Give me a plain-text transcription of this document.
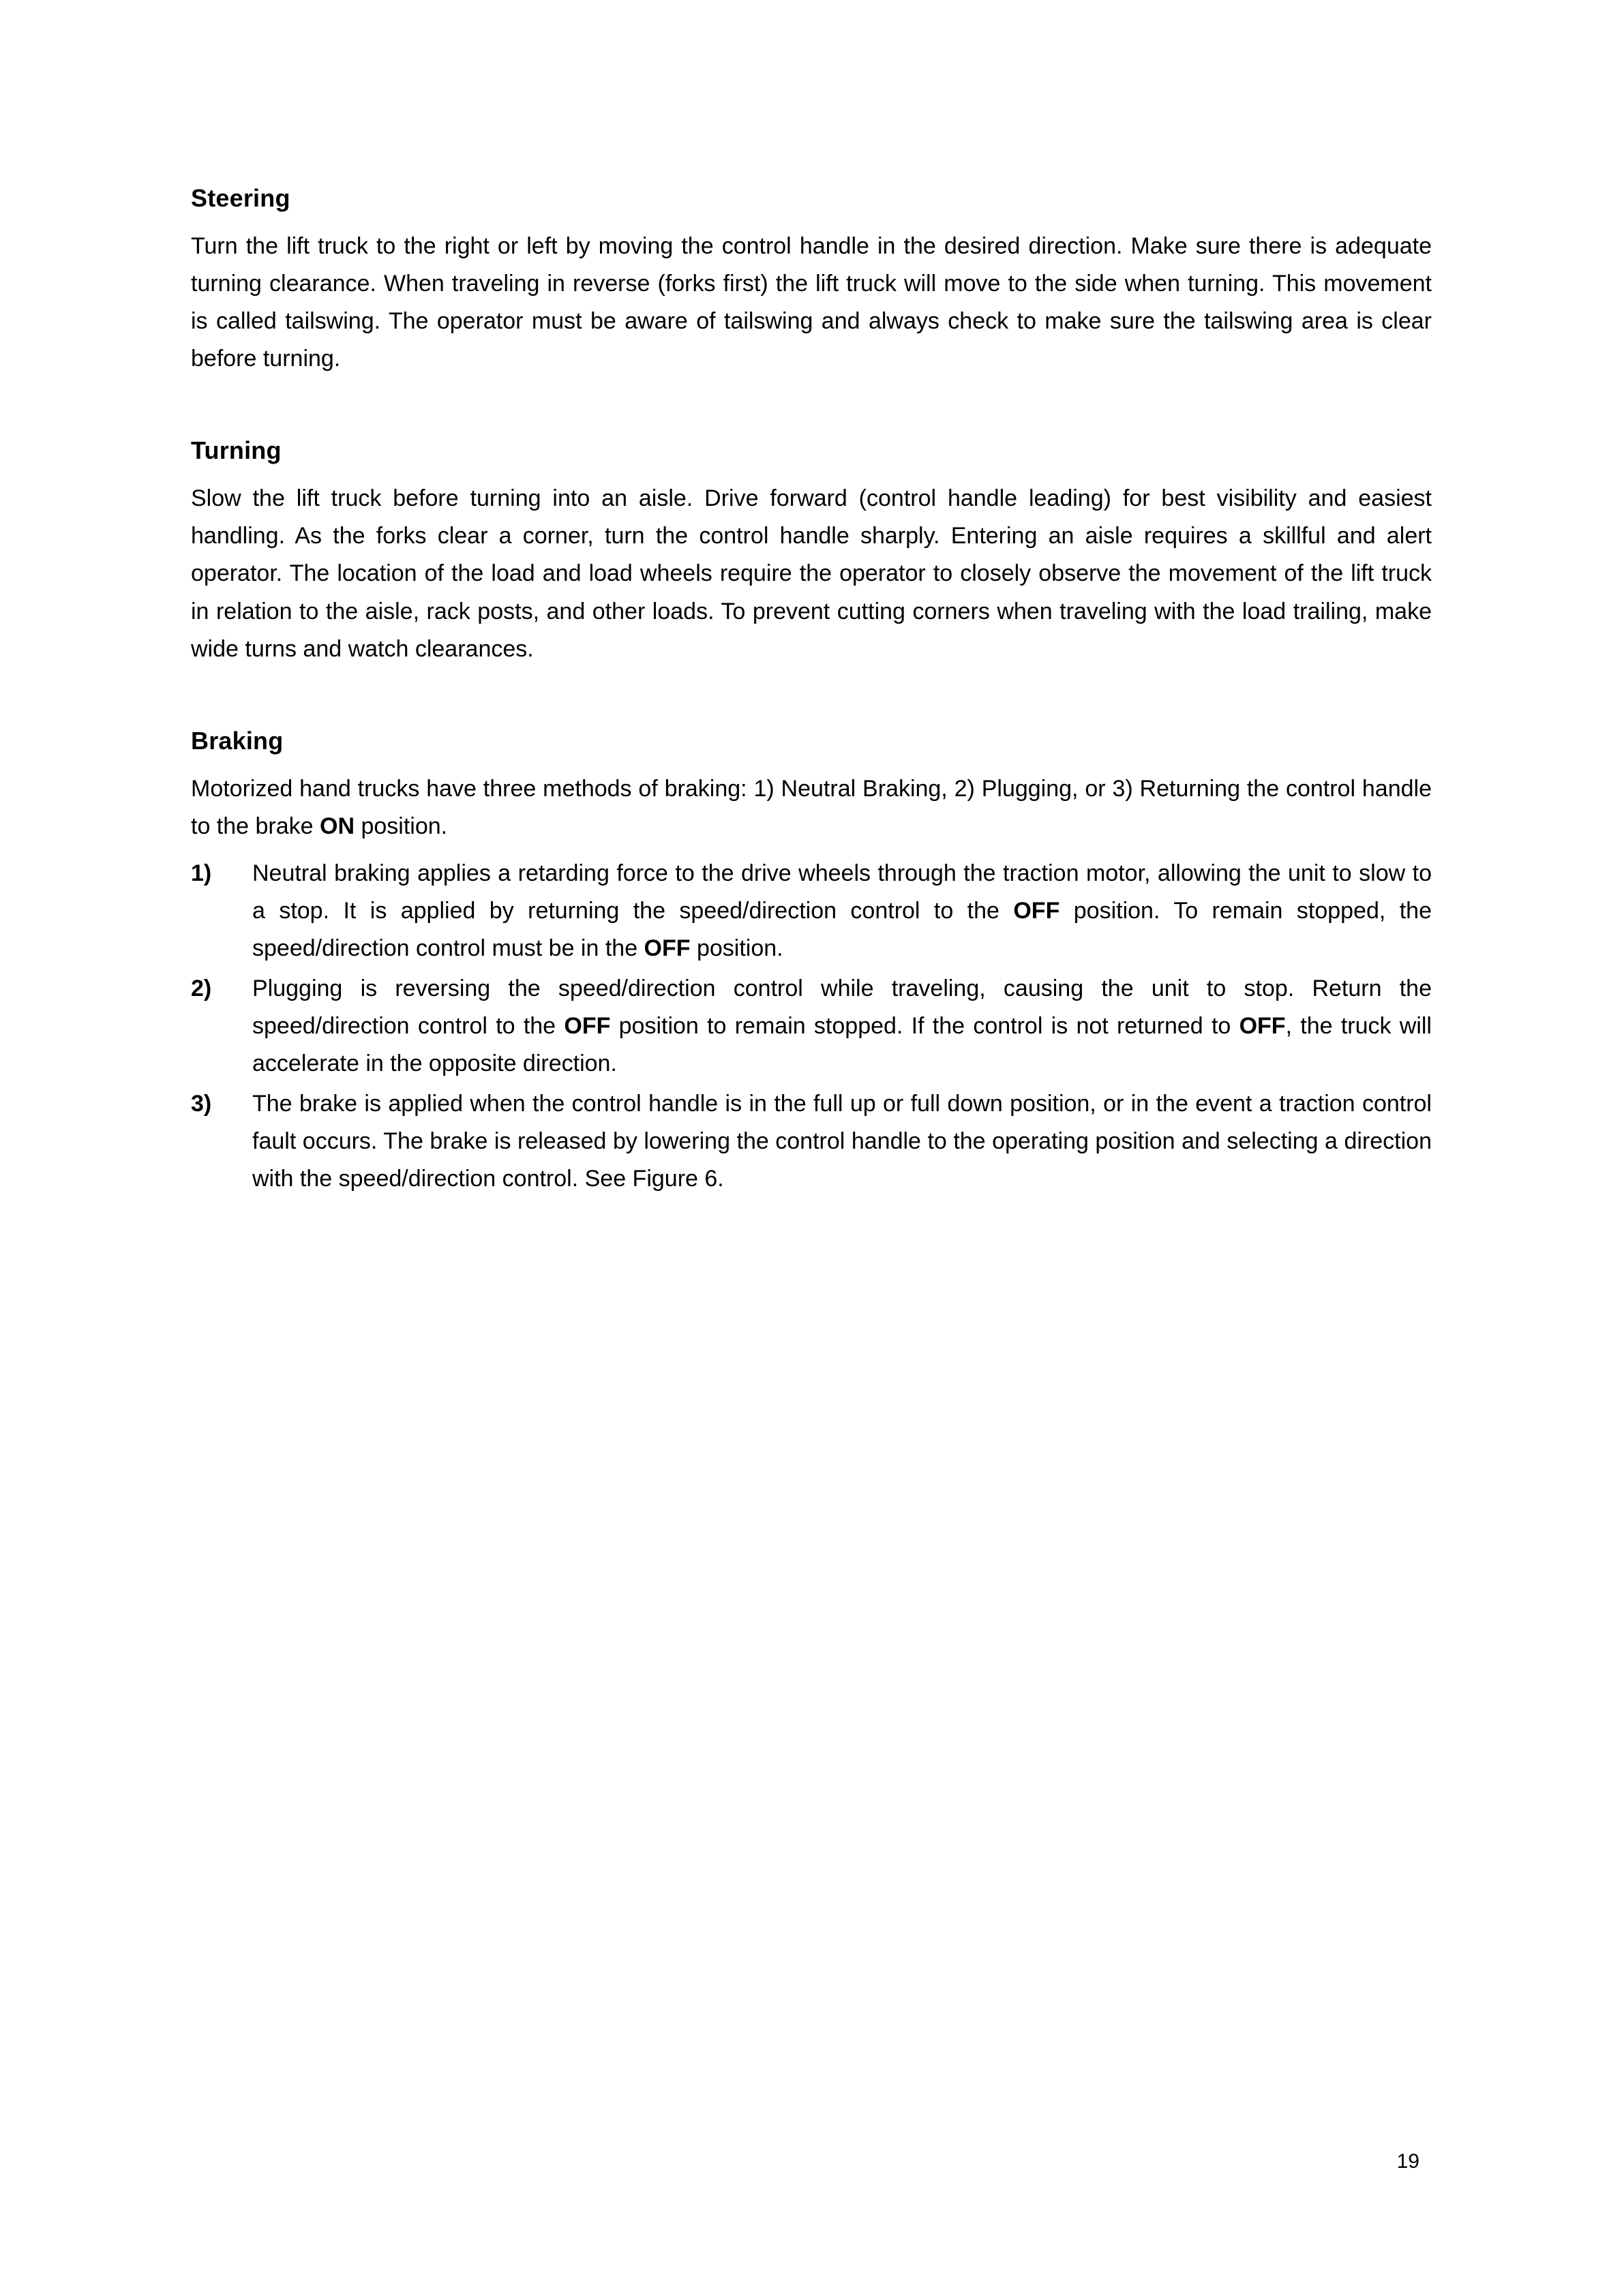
Steering

Turn the lift truck to the right or left by moving the control handle in the desired direction. Make sure there is adequate turning clearance. When traveling in reverse (forks first) the lift truck will move to the side when turning. This movement is called tailswing. The operator must be aware of tailswing and always check to make sure the tailswing area is clear before turning.

Turning

Slow the lift truck before turning into an aisle. Drive forward (control handle leading) for best visibility and easiest handling. As the forks clear a corner, turn the control handle sharply. Entering an aisle requires a skillful and alert operator. The location of the load and load wheels require the operator to closely observe the movement of the lift truck in relation to the aisle, rack posts, and other loads. To prevent cutting corners when traveling with the load trailing, make wide turns and watch clearances.

Braking

Motorized hand trucks have three methods of braking: 1) Neutral Braking, 2) Plugging, or 3) Returning the control handle to the brake ON position.

1) Neutral braking applies a retarding force to the drive wheels through the traction motor, allowing the unit to slow to a stop. It is applied by returning the speed/direction control to the OFF position. To remain stopped, the speed/direction control must be in the OFF position.
2) Plugging is reversing the speed/direction control while traveling, causing the unit to stop. Return the speed/direction control to the OFF position to remain stopped. If the control is not returned to OFF, the truck will accelerate in the opposite direction.
3) The brake is applied when the control handle is in the full up or full down position, or in the event a traction control fault occurs. The brake is released by lowering the control handle to the operating position and selecting a direction with the speed/direction control. See Figure 6.
19
